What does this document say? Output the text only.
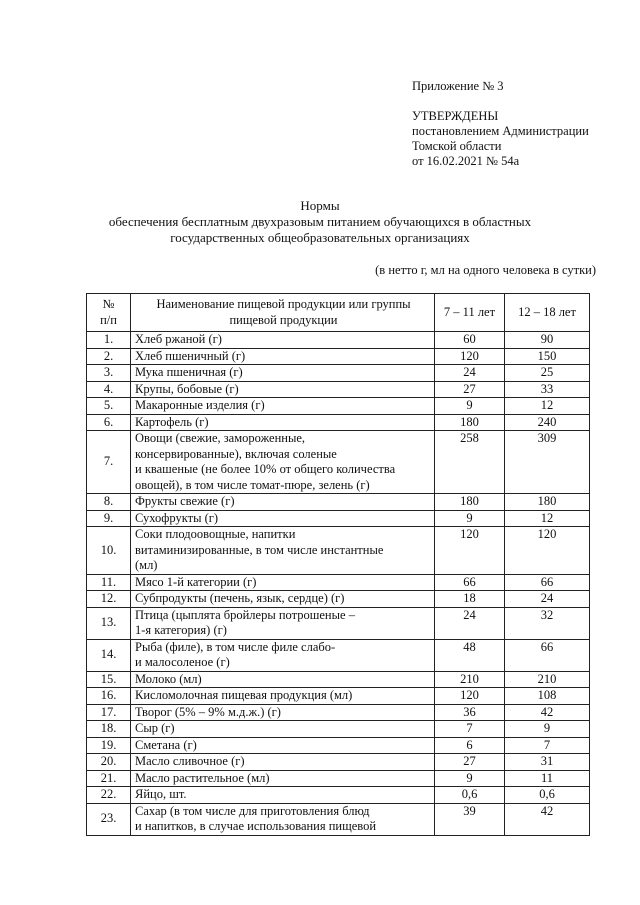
Приложение № 3
УТВЕРЖДЕНЫ
постановлением Администрации
Томской области
от 16.02.2021 № 54а
Нормы
обеспечения бесплатным двухразовым питанием обучающихся в областных
государственных общеобразовательных организациях
(в нетто г, мл на одного человека в сутки)
№
п/п	Наименование пищевой продукции или группы
пищевой продукции	7 – 11 лет	12 – 18 лет
1.	Хлеб ржаной (г)	60	90
2.	Хлеб пшеничный (г)	120	150
3.	Мука пшеничная (г)	24	25
4.	Крупы, бобовые (г)	27	33
5.	Макаронные изделия (г)	9	12
6.	Картофель (г)	180	240
7.	Овощи (свежие, замороженные,
консервированные), включая соленые
и квашеные (не более 10% от общего количества
овощей), в том числе томат-пюре, зелень (г)	258	309
8.	Фрукты свежие (г)	180	180
9.	Сухофрукты (г)	9	12
10.	Соки плодоовощные, напитки
витаминизированные, в том числе инстантные
(мл)	120	120
11.	Мясо 1-й категории (г)	66	66
12.	Субпродукты (печень, язык, сердце) (г)	18	24
13.	Птица (цыплята бройлеры потрошеные –
1-я категория) (г)	24	32
14.	Рыба (филе), в том числе филе слабо-
и малосоленое (г)	48	66
15.	Молоко (мл)	210	210
16.	Кисломолочная пищевая продукция (мл)	120	108
17.	Творог (5% – 9% м.д.ж.) (г)	36	42
18.	Сыр (г)	7	9
19.	Сметана (г)	6	7
20.	Масло сливочное (г)	27	31
21.	Масло растительное (мл)	9	11
22.	Яйцо, шт.	0,6	0,6
23.	Сахар (в том числе для приготовления блюд
и напитков, в случае использования пищевой	39	42
